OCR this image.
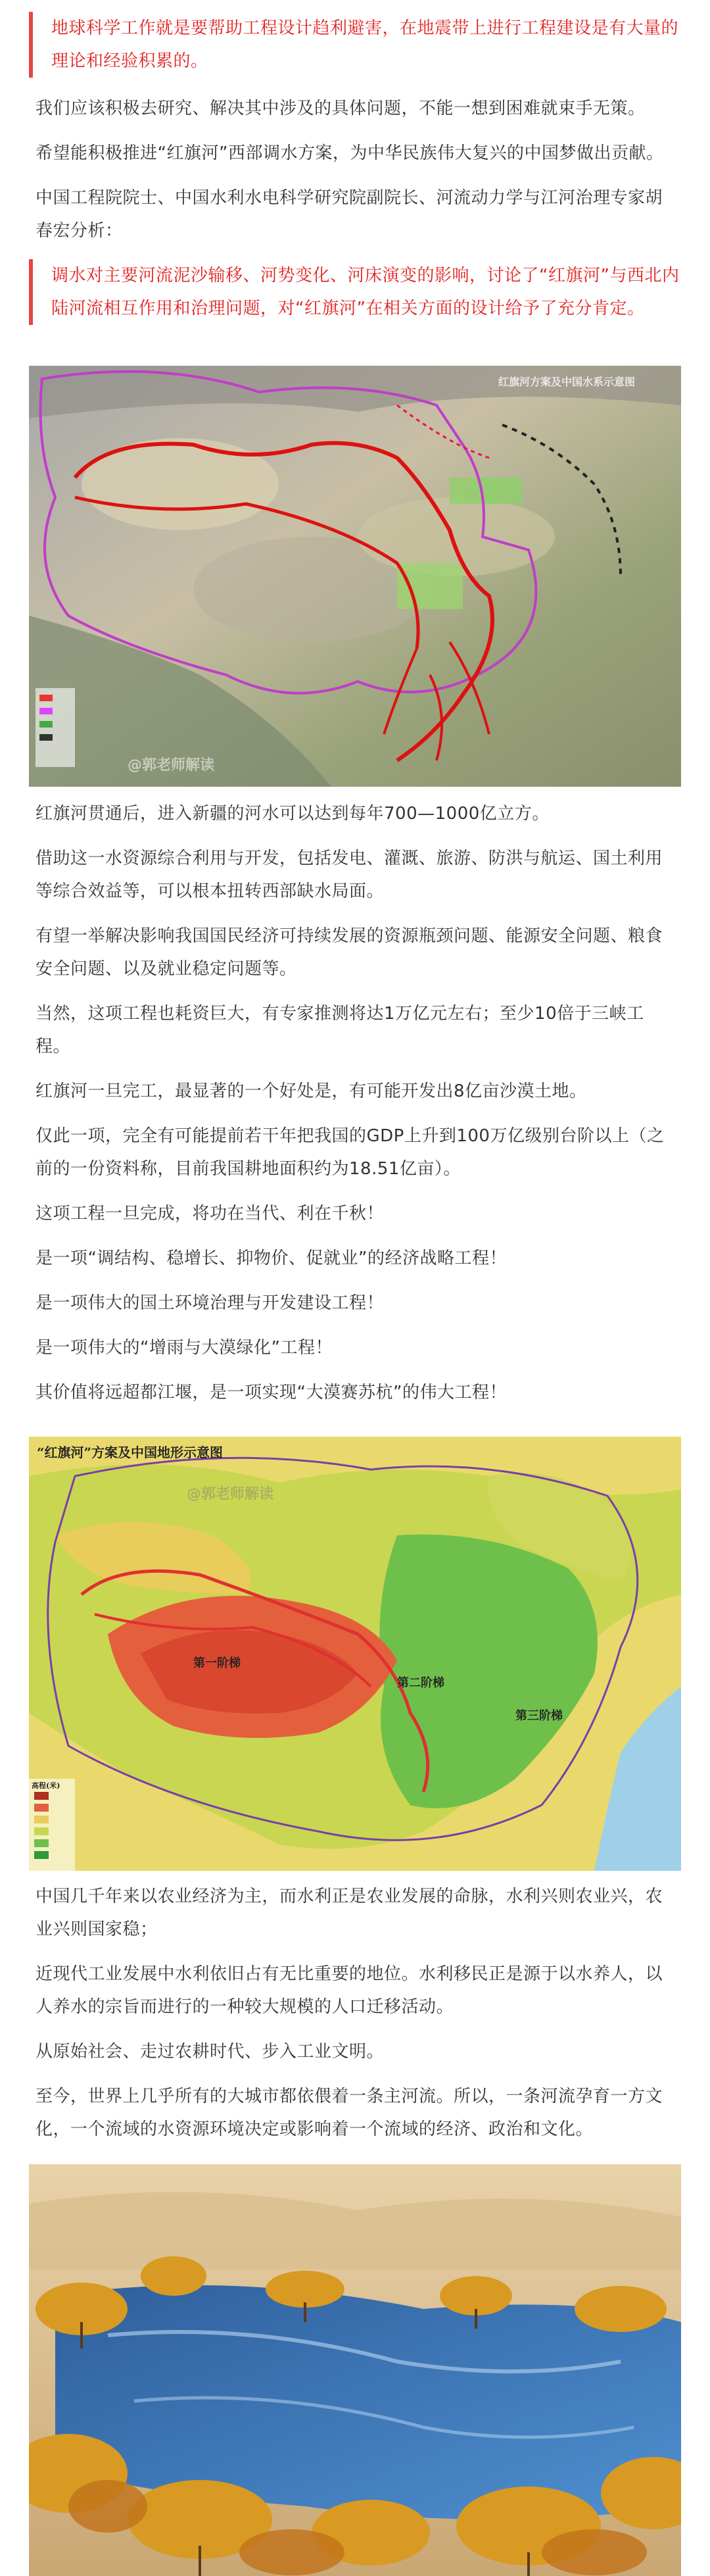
地球科学工作就是要帮助工程设计趋利避害，在地震带上进行工程建设是有大量的理论和经验积累的。

我们应该积极去研究、解决其中涉及的具体问题，不能一想到困难就束手无策。

希望能积极推进“红旗河”西部调水方案，为中华民族伟大复兴的中国梦做出贡献。

中国工程院院士、中国水利水电科学研究院副院长、河流动力学与江河治理专家胡春宏分析：

调水对主要河流泥沙输移、河势变化、河床演变的影响，讨论了“红旗河”与西北内陆河流相互作用和治理问题，对“红旗河”在相关方面的设计给予了充分肯定。

红旗河方案及中国水系示意图
@郭老师解读

红旗河贯通后，进入新疆的河水可以达到每年700—1000亿立方。

借助这一水资源综合利用与开发，包括发电、灌溉、旅游、防洪与航运、国土利用等综合效益等，可以根本扭转西部缺水局面。

有望一举解决影响我国国民经济可持续发展的资源瓶颈问题、能源安全问题、粮食安全问题、以及就业稳定问题等。

当然，这项工程也耗资巨大，有专家推测将达1万亿元左右；至少10倍于三峡工程。

红旗河一旦完工，最显著的一个好处是，有可能开发出8亿亩沙漠土地。

仅此一项，完全有可能提前若干年把我国的GDP上升到100万亿级别台阶以上（之前的一份资料称，目前我国耕地面积约为18.51亿亩）。

这项工程一旦完成，将功在当代、利在千秋！

是一项“调结构、稳增长、抑物价、促就业”的经济战略工程！

是一项伟大的国土环境治理与开发建设工程！

是一项伟大的“增雨与大漠绿化”工程！

其价值将远超都江堰，是一项实现“大漠赛苏杭”的伟大工程！

“红旗河”方案及中国地形示意图
第一阶梯
第二阶梯
第三阶梯
高程(米)
@郭老师解读

中国几千年来以农业经济为主，而水利正是农业发展的命脉，水利兴则农业兴，农业兴则国家稳；

近现代工业发展中水利依旧占有无比重要的地位。水利移民正是源于以水养人，以人养水的宗旨而进行的一种较大规模的人口迁移活动。

从原始社会、走过农耕时代、步入工业文明。

至今，世界上几乎所有的大城市都依偎着一条主河流。所以，一条河流孕育一方文化，一个流域的水资源环境决定或影响着一个流域的经济、政治和文化。
